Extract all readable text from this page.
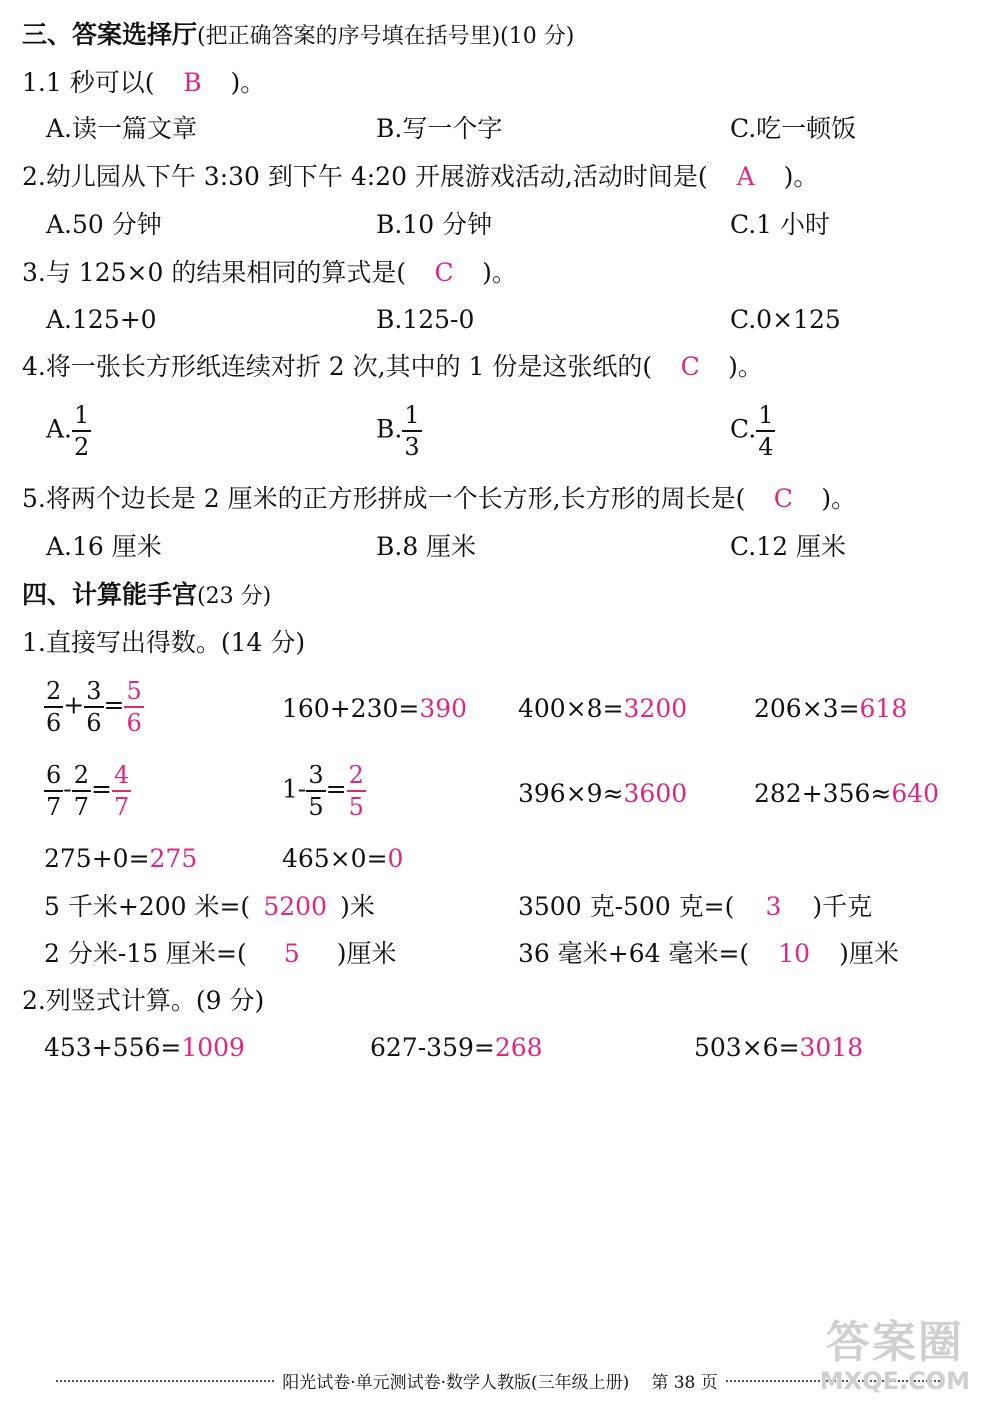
三、答案选择厅(把正确答案的序号填在括号里)(10 分)
1.1 秒可以( B )。
A.读一篇文章	B.写一个字	C.吃一顿饭
2.幼儿园从下午 3:30 到下午 4:20 开展游戏活动,活动时间是( A )。
A.50 分钟	B.10 分钟	C.1 小时
3.与 125×0 的结果相同的算式是( C )。
A.125+0	B.125-0	C.0×125
4.将一张长方形纸连续对折 2 次,其中的 1 份是这张纸的( C )。
A. $\frac{1}{2}$	B. $\frac{1}{3}$	C. $\frac{1}{4}$
5.将两个边长是 2 厘米的正方形拼成一个长方形,长方形的周长是( C )。
A.16 厘米	B.8 厘米	C.12 厘米
四、计算能手宫(23 分)
1.直接写出得数。(14 分)
$\frac{2}{6} + \frac{3}{6} = \frac{5}{6}$	160+230=390 400×8=3200	206×3=618
$\frac{6}{7} - \frac{2}{7} = \frac{4}{7}$	$1- \frac{3}{5} = \frac{2}{5}$	396×9≈3600	282+356≈640
275+0=275	465×0=0
5 千米+200 米=( 5200 )米	3500 克-500 克=( 3 )千克
2 分米-15 厘米=( 5 )厘米	36 毫米+64 毫米=( 10 )厘米
2.列竖式计算。(9 分)
453+556=1009	627-359=268	503×6=3018
阳光试卷·单元测试卷·数学人教版(三年级上册) 第 38 页
答案圈
MXQE.COM
